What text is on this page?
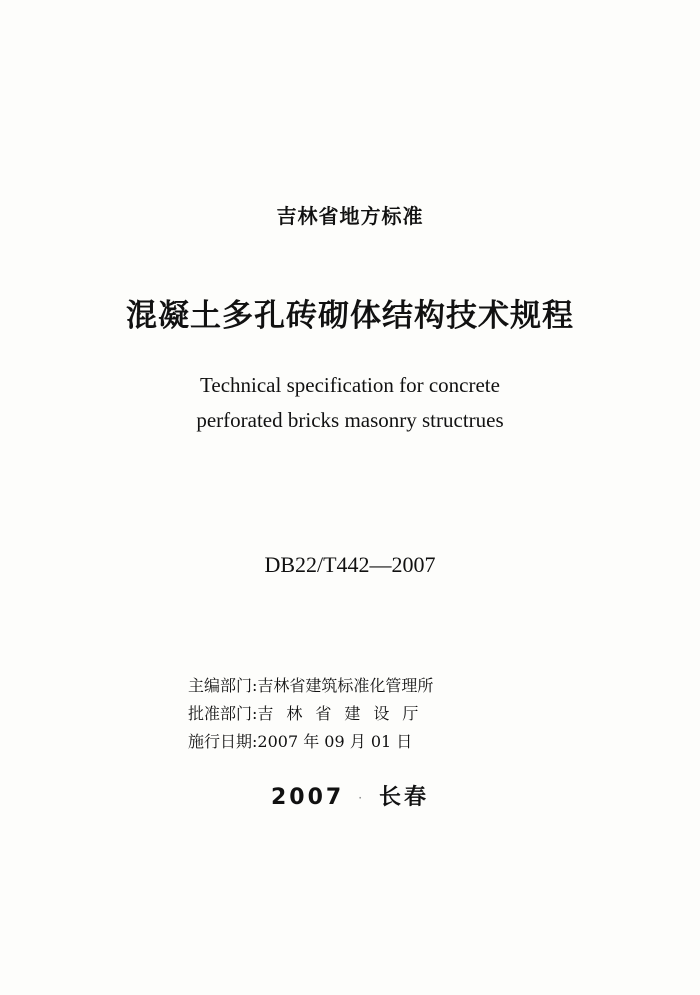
吉林省地方标准
混凝土多孔砖砌体结构技术规程
Technical specification for concrete
perforated bricks masonry structrues
DB22/T442—2007
主编部门:吉林省建筑标准化管理所
批准部门:吉林省建设厅
施行日期:2007 年 09 月 01 日
2007 · 长春
